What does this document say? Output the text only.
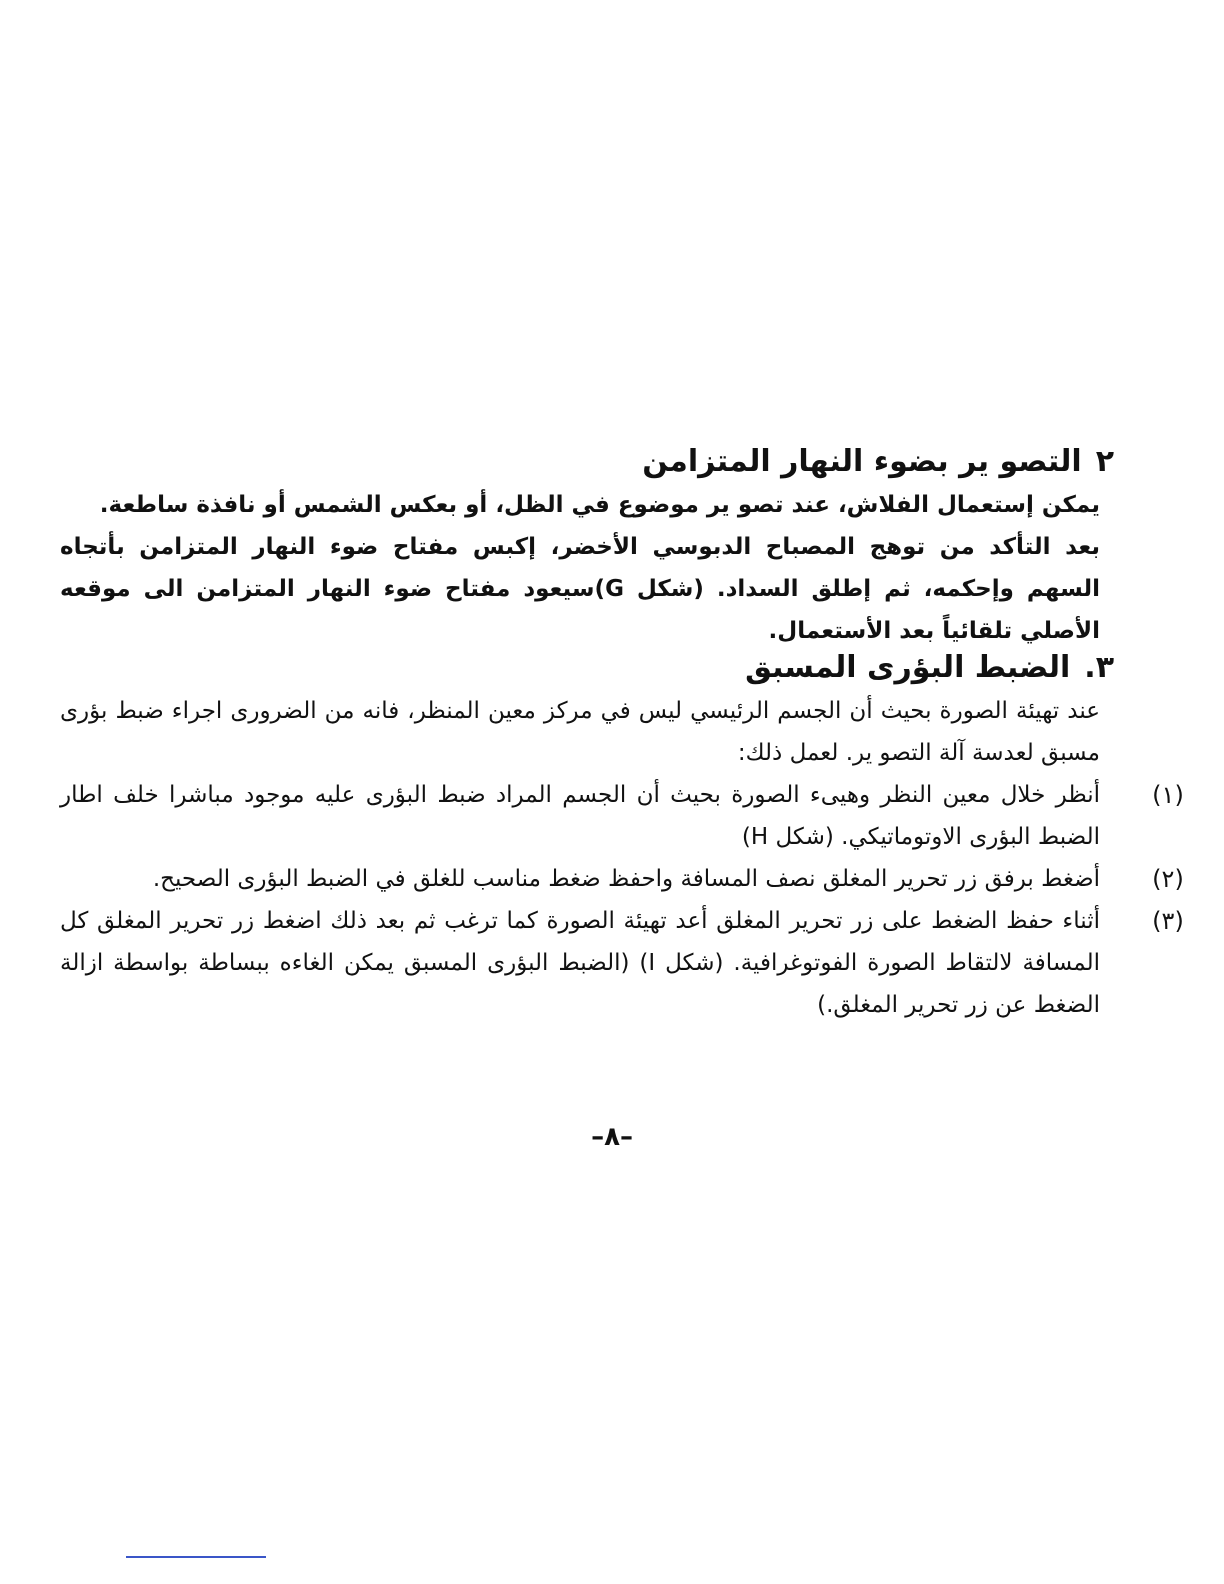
٢
التصو ير بضوء النهار المتزامن

يمكن إستعمال الفلاش، عند تصو ير موضوع في الظل، أو بعكس الشمس أو نافذة ساطعة.

بعد التأكد من توهج المصباح الدبوسي الأخضر، إكبس مفتاح ضوء النهار المتزامن بأتجاه السهم وإحكمه، ثم إطلق السداد. (شكل G)سيعود مفتاح ضوء النهار المتزامن الى موقعه الأصلي تلقائياً بعد الأستعمال.

٣.
الضبط البؤرى المسبق

عند تهيئة الصورة بحيث أن الجسم الرئيسي ليس في مركز معين المنظر، فانه من الضرورى اجراء ضبط بؤرى مسبق لعدسة آلة التصو ير. لعمل ذلك:

(١)
أنظر خلال معين النظر وهيىء الصورة بحيث أن الجسم المراد ضبط البؤرى عليه موجود مباشرا خلف اطار الضبط البؤرى الاوتوماتيكي. (شكل H)
(٢)
أضغط برفق زر تحرير المغلق نصف المسافة واحفظ ضغط مناسب للغلق في الضبط البؤرى الصحيح.
(٣)
أثناء حفظ الضغط على زر تحرير المغلق أعد تهيئة الصورة كما ترغب ثم بعد ذلك اضغط زر تحرير المغلق كل المسافة لالتقاط الصورة الفوتوغرافية. (شكل I) (الضبط البؤرى المسبق يمكن الغاءه ببساطة بواسطة ازالة الضغط عن زر تحرير المغلق.)
–٨–
